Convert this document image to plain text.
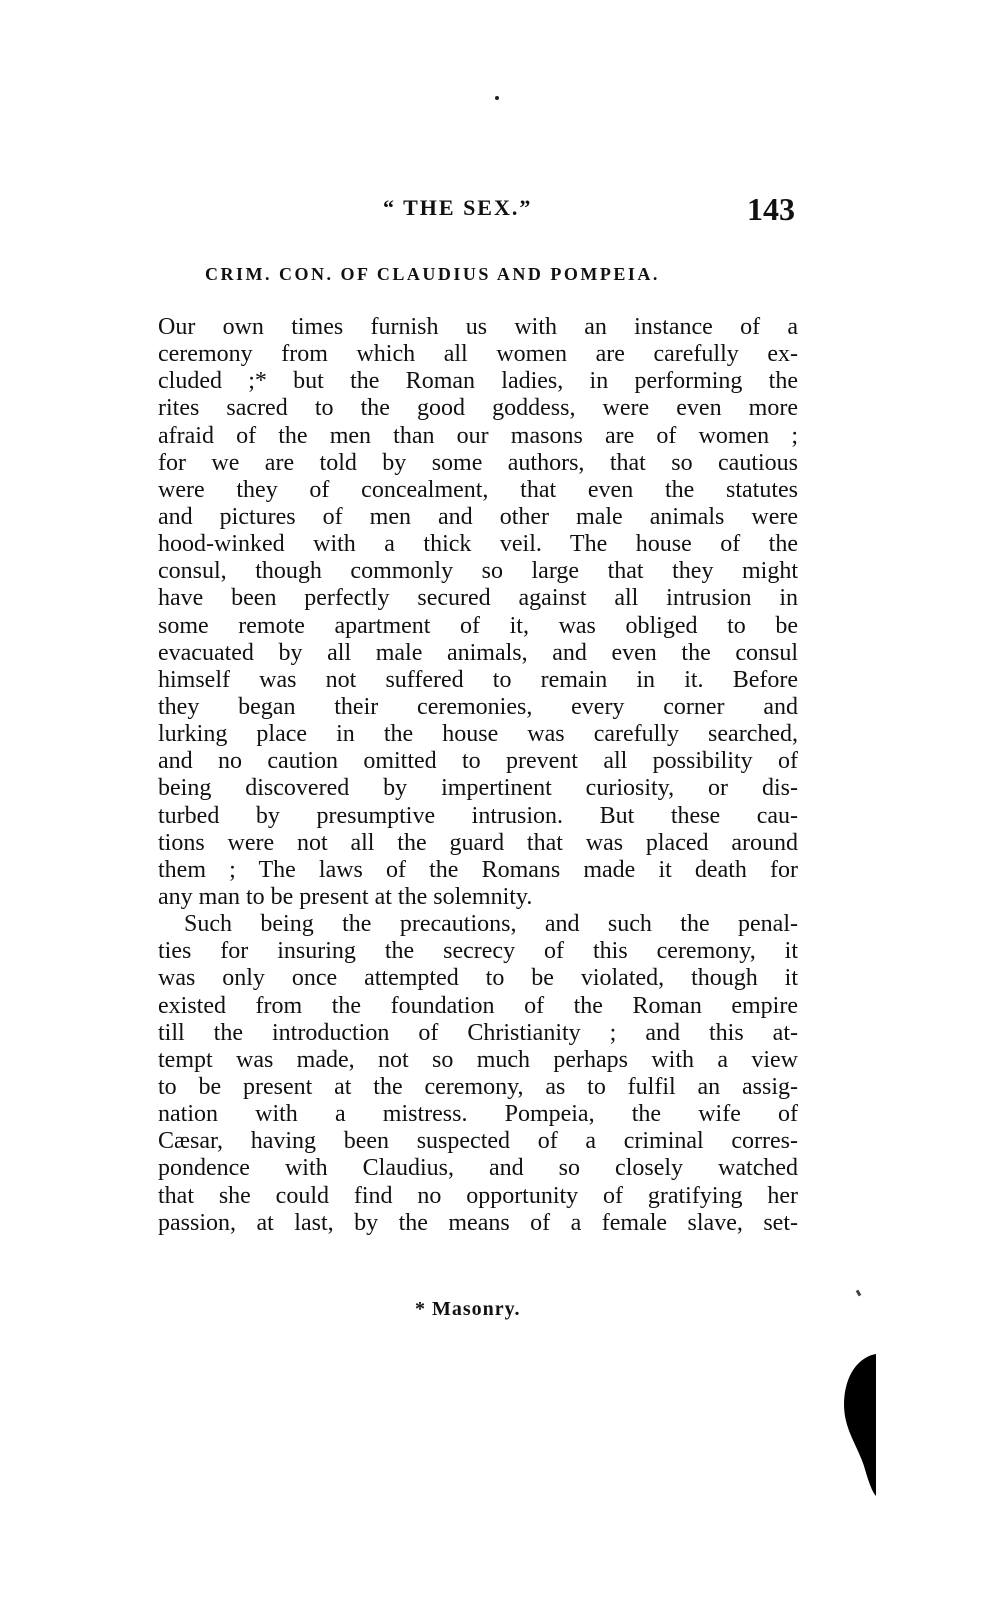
“ THE SEX.”	143
CRIM. CON. OF CLAUDIUS AND POMPEIA.
Our own times furnish us with an instance of a
ceremony from which all women are carefully ex-
cluded ;* but the Roman ladies, in performing the
rites sacred to the good goddess, were even more
afraid of the men than our masons are of women ;
for we are told by some authors, that so cautious
were they of concealment, that even the statutes
and pictures of men and other male animals were
hood-winked with a thick veil. The house of the
consul, though commonly so large that they might
have been perfectly secured against all intrusion in
some remote apartment of it, was obliged to be
evacuated by all male animals, and even the consul
himself was not suffered to remain in it. Before
they began their ceremonies, every corner and
lurking place in the house was carefully searched,
and no caution omitted to prevent all possibility of
being discovered by impertinent curiosity, or dis-
turbed by presumptive intrusion. But these cau-
tions were not all the guard that was placed around
them ; The laws of the Romans made it death for
any man to be present at the solemnity.
Such being the precautions, and such the penal-
ties for insuring the secrecy of this ceremony, it
was only once attempted to be violated, though it
existed from the foundation of the Roman empire
till the introduction of Christianity ; and this at-
tempt was made, not so much perhaps with a view
to be present at the ceremony, as to fulfil an assig-
nation with a mistress. Pompeia, the wife of
Cæsar, having been suspected of a criminal corres-
pondence with Claudius, and so closely watched
that she could find no opportunity of gratifying her
passion, at last, by the means of a female slave, set-
* Masonry.
